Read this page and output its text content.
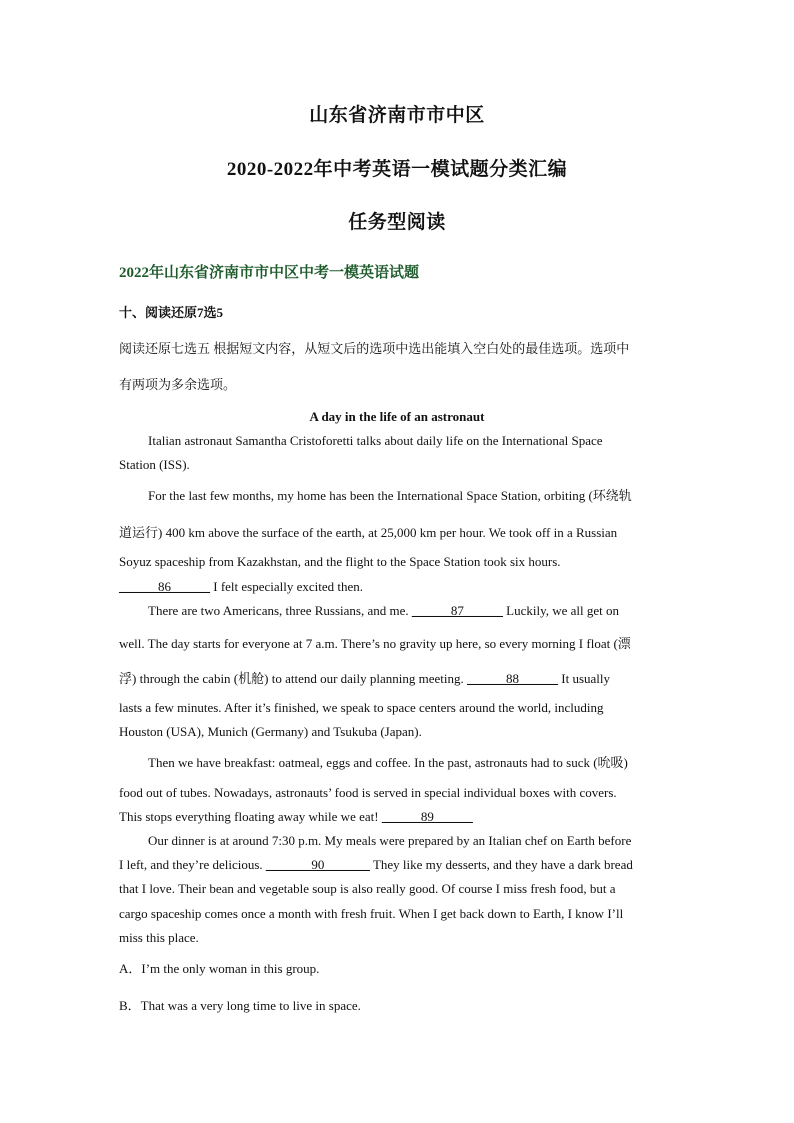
山东省济南市市中区
2020-2022年中考英语一模试题分类汇编
任务型阅读
2022年山东省济南市市中区中考一模英语试题
十、阅读还原7选5
阅读还原七选五 根据短文内容，从短文后的选项中选出能填入空白处的最佳选项。选项中
有两项为多余选项。
A day in the life of an astronaut
Italian astronaut Samantha Cristoforetti talks about daily life on the International Space
Station (ISS).
For the last few months, my home has been the International Space Station, orbiting (环绕轨
道运行) 400 km above the surface of the earth, at 25,000 km per hour. We took off in a Russian
Soyuz spaceship from Kazakhstan, and the flight to the Space Station took six hours.
______86______ I felt especially excited then.
There are two Americans, three Russians, and me. ______87______ Luckily, we all get on
well. The day starts for everyone at 7 a.m. There’s no gravity up here, so every morning I float (漂
浮) through the cabin (机舱) to attend our daily planning meeting. ______88______ It usually
lasts a few minutes. After it’s finished, we speak to space centers around the world, including
Houston (USA), Munich (Germany) and Tsukuba (Japan).
Then we have breakfast: oatmeal, eggs and coffee. In the past, astronauts had to suck (吮吸)
food out of tubes. Nowadays, astronauts’ food is served in special individual boxes with covers.
This stops everything floating away while we eat! ______89______
Our dinner is at around 7:30 p.m. My meals were prepared by an Italian chef on Earth before
I left, and they’re delicious. _______90_______ They like my desserts, and they have a dark bread
that I love. Their bean and vegetable soup is also really good. Of course I miss fresh food, but a
cargo spaceship comes once a month with fresh fruit. When I get back down to Earth, I know I’ll
miss this place.
A．I’m the only woman in this group.
B．That was a very long time to live in space.
